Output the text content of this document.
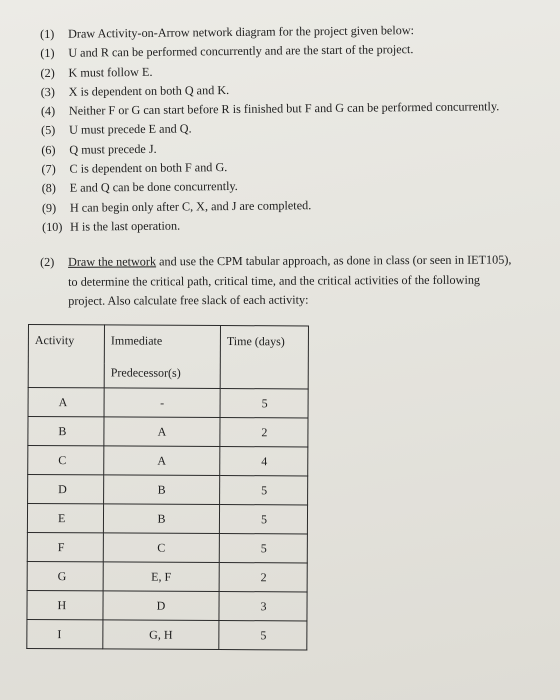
(1)	Draw Activity-on-Arrow network diagram for the project given below:
(1)	U and R can be performed concurrently and are the start of the project.
(2)	K must follow E.
(3)	X is dependent on both Q and K.
(4)	Neither F or G can start before R is finished but F and G can be performed concurrently.
(5)	U must precede E and Q.
(6)	Q must precede J.
(7)	C is dependent on both F and G.
(8)	E and Q can be done concurrently.
(9)	H can begin only after C, X, and J are completed.
(10) H is the last operation.
(2)	Draw the network and use the CPM tabular approach, as done in class (or seen in IET105),
to determine the critical path, critical time, and the critical activities of the following
project. Also calculate free slack of each activity:
Activity	Immediate	Time (days)
	Predecessor(s)	
A	-	5
B	A	2
C	A	4
D	B	5
E	B	5
F	C	5
G	E, F	2
H	D	3
I	G, H	5
